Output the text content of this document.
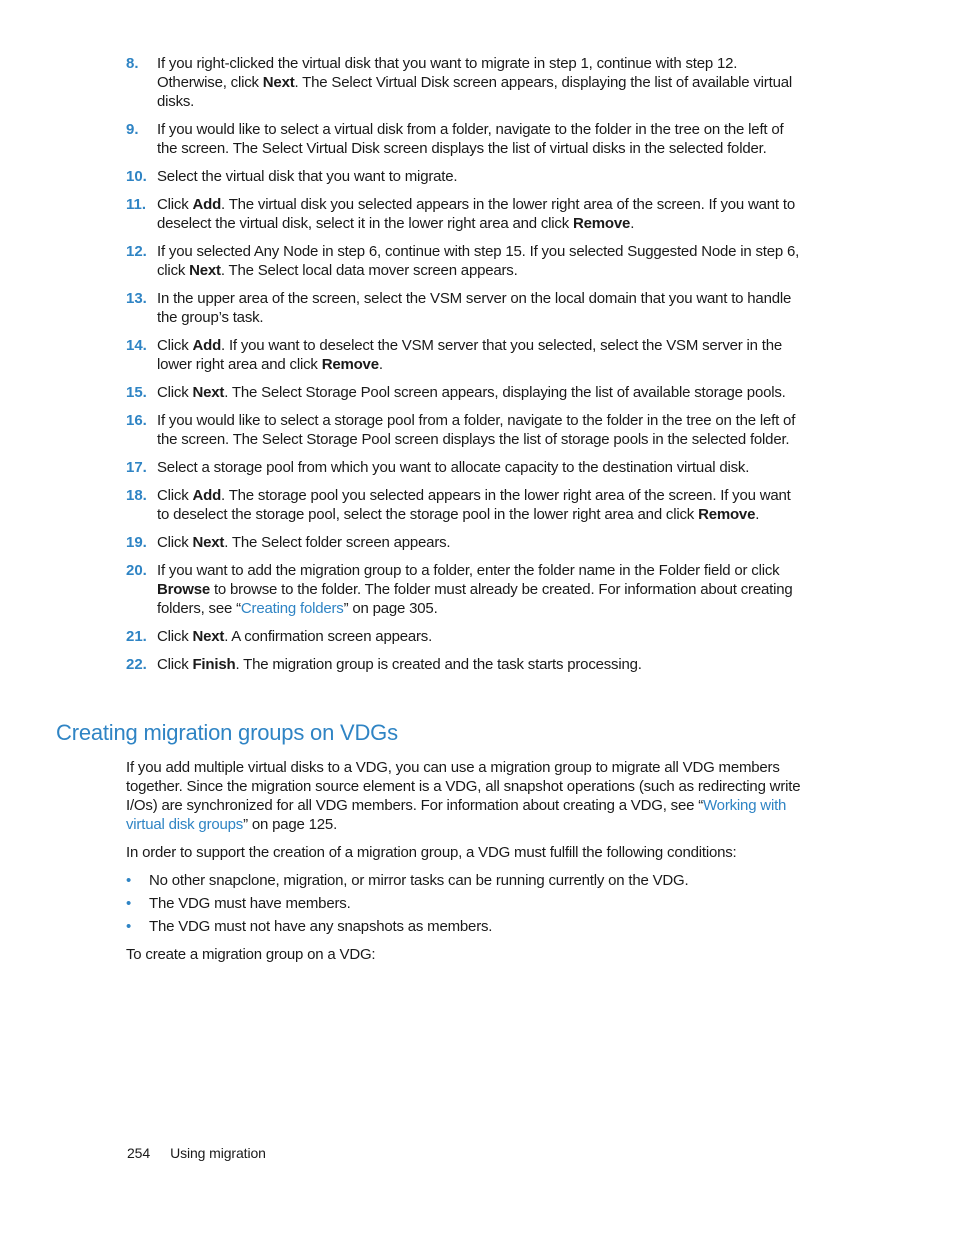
8.	If you right-clicked the virtual disk that you want to migrate in step 1, continue with step 12. Otherwise, click Next. The Select Virtual Disk screen appears, displaying the list of available virtual disks.
9.	If you would like to select a virtual disk from a folder, navigate to the folder in the tree on the left of the screen. The Select Virtual Disk screen displays the list of virtual disks in the selected folder.
10. Select the virtual disk that you want to migrate.
11. Click Add. The virtual disk you selected appears in the lower right area of the screen. If you want to deselect the virtual disk, select it in the lower right area and click Remove.
12. If you selected Any Node in step 6, continue with step 15. If you selected Suggested Node in step 6, click Next. The Select local data mover screen appears.
13. In the upper area of the screen, select the VSM server on the local domain that you want to handle the group’s task.
14. Click Add. If you want to deselect the VSM server that you selected, select the VSM server in the lower right area and click Remove.
15. Click Next. The Select Storage Pool screen appears, displaying the list of available storage pools.
16. If you would like to select a storage pool from a folder, navigate to the folder in the tree on the left of the screen. The Select Storage Pool screen displays the list of storage pools in the selected folder.
17. Select a storage pool from which you want to allocate capacity to the destination virtual disk.
18. Click Add. The storage pool you selected appears in the lower right area of the screen. If you want to deselect the storage pool, select the storage pool in the lower right area and click Remove.
19. Click Next. The Select folder screen appears.
20. If you want to add the migration group to a folder, enter the folder name in the Folder field or click Browse to browse to the folder. The folder must already be created. For information about creating folders, see “Creating folders” on page 305.
21. Click Next. A confirmation screen appears.
22. Click Finish. The migration group is created and the task starts processing.
Creating migration groups on VDGs

If you add multiple virtual disks to a VDG, you can use a migration group to migrate all VDG members together. Since the migration source element is a VDG, all snapshot operations (such as redirecting write I/Os) are synchronized for all VDG members. For information about creating a VDG, see “Working with virtual disk groups” on page 125.

In order to support the creation of a migration group, a VDG must fulfill the following conditions:

•	No other snapclone, migration, or mirror tasks can be running currently on the VDG.
•	The VDG must have members.
•	The VDG must not have any snapshots as members.

To create a migration group on a VDG:

254 Using migration
